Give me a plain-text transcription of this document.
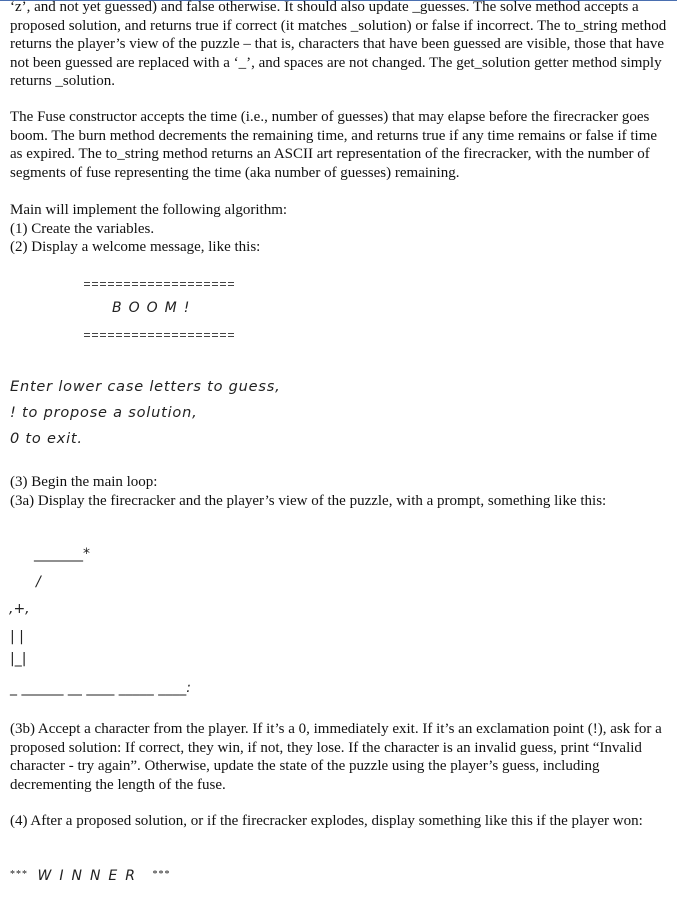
‘z’, and not yet guessed) and false otherwise. It should also update _guesses. The solve method accepts a proposed solution, and returns true if correct (it matches _solution) or false if incorrect. The to_string method returns the player’s view of the puzzle – that is, characters that have been guessed are visible, those that have not been guessed are replaced with a ‘_’, and spaces are not changed. The get_solution getter method simply returns _solution.

The Fuse constructor accepts the time (i.e., number of guesses) that may elapse before the firecracker goes boom. The burn method decrements the remaining time, and returns true if any time remains or false if time as expired. The to_string method returns an ASCII art representation of the firecracker, with the number of segments of fuse representing the time (aka number of guesses) remaining.

Main will implement the following algorithm:
(1) Create the variables.
(2) Display a welcome message, like this:
BOOM!
Enter lower case letters to guess,
! to propose a solution,
0 to exit.
(3) Begin the main loop:
(3a) Display the firecracker and the player’s view of the puzzle, with a prompt, something like this:
_______*
/
,+,
| |
|_|
_ ______ __ ____ _____ ____:

(3b) Accept a character from the player. If it’s a 0, immediately exit. If it’s an exclamation point (!), ask for a proposed solution: If correct, they win, if not, they lose. If the character is an invalid guess, print “Invalid character - try again”. Otherwise, update the state of the puzzle using the player’s guess, including decrementing the length of the fuse.

(4) After a proposed solution, or if the firecracker explodes, display something like this if the player won:

*** WINNER ***
